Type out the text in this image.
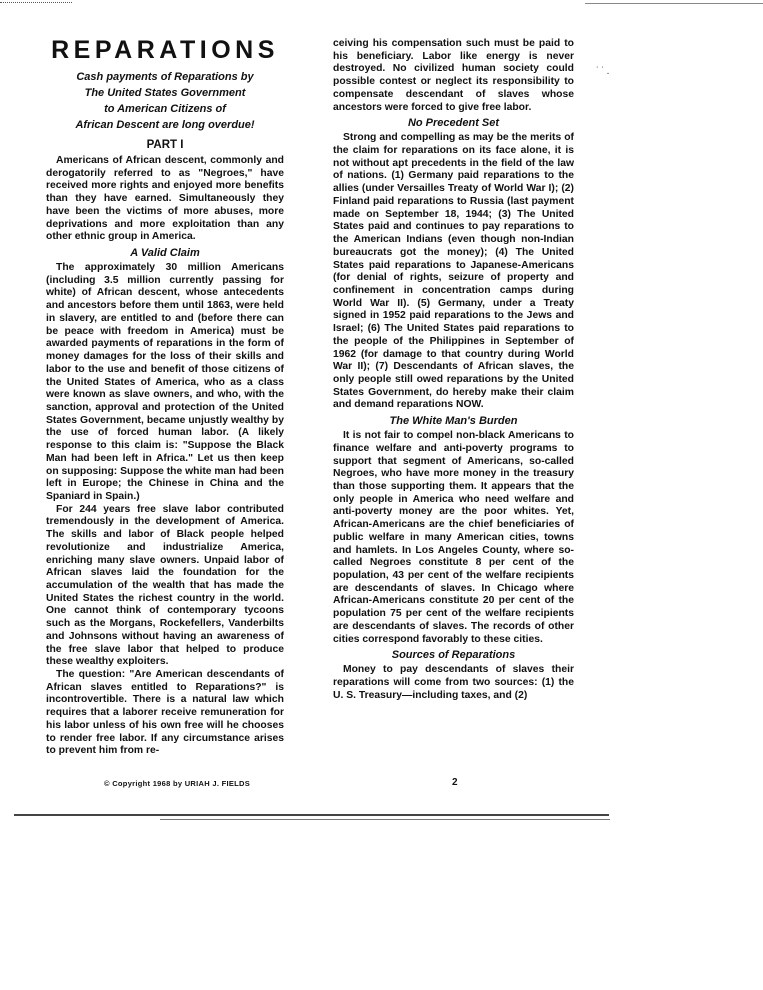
˙˙.
REPARATIONS
Cash payments of Reparations by
The United States Government
to American Citizens of
African Descent are long overdue!
PART I

Americans of African descent, commonly and derogatorily referred to as "Negroes," have received more rights and enjoyed more benefits than they have earned. Simultaneously they have been the victims of more abuses, more deprivations and more exploitation than any other ethnic group in America.

A Valid Claim

The approximately 30 million Americans (including 3.5 million currently passing for white) of African descent, whose antecedents and ancestors before them until 1863, were held in slavery, are entitled to and (before there can be peace with freedom in America) must be awarded payments of reparations in the form of money damages for the loss of their skills and labor to the use and benefit of those citizens of the United States of America, who as a class were known as slave owners, and who, with the sanction, approval and protection of the United States Government, became unjustly wealthy by the use of forced human labor. (A likely response to this claim is: "Suppose the Black Man had been left in Africa." Let us then keep on supposing: Suppose the white man had been left in Europe; the Chinese in China and the Spaniard in Spain.)

For 244 years free slave labor contributed tremendously in the development of America. The skills and labor of Black people helped revolutionize and industrialize America, enriching many slave owners. Unpaid labor of African slaves laid the foundation for the accumulation of the wealth that has made the United States the richest country in the world. One cannot think of contemporary tycoons such as the Morgans, Rockefellers, Vanderbilts and Johnsons without having an awareness of the free slave labor that helped to produce these wealthy exploiters.

The question: "Are American descendants of African slaves entitled to Reparations?" is incontrovertible. There is a natural law which requires that a laborer receive remuneration for his labor unless of his own free will he chooses to render free labor. If any circumstance arises to prevent him from re-

ceiving his compensation such must be paid to his beneficiary. Labor like energy is never destroyed. No civilized human society could possible contest or neglect its responsibility to compensate descendant of slaves whose ancestors were forced to give free labor.

No Precedent Set

Strong and compelling as may be the merits of the claim for reparations on its face alone, it is not without apt precedents in the field of the law of nations. (1) Germany paid reparations to the allies (under Versailles Treaty of World War I); (2) Finland paid reparations to Russia (last payment made on September 18, 1944; (3) The United States paid and continues to pay reparations to the American Indians (even though non-Indian bureaucrats got the money); (4) The United States paid reparations to Japanese-Americans (for denial of rights, seizure of property and confinement in concentration camps during World War II). (5) Germany, under a Treaty signed in 1952 paid reparations to the Jews and Israel; (6) The United States paid reparations to the people of the Philippines in September of 1962 (for damage to that country during World War II); (7) Descendants of African slaves, the only people still owed reparations by the United States Government, do hereby make their claim and demand reparations NOW.

The White Man's Burden

It is not fair to compel non-black Americans to finance welfare and anti-poverty programs to support that segment of Americans, so-called Negroes, who have more money in the treasury than those supporting them. It appears that the only people in America who need welfare and anti-poverty money are the poor whites. Yet, African-Americans are the chief beneficiaries of public welfare in many American cities, towns and hamlets. In Los Angeles County, where so-called Negroes constitute 8 per cent of the population, 43 per cent of the welfare recipients are descendants of slaves. In Chicago where African-Americans constitute 20 per cent of the population 75 per cent of the welfare recipients are descendants of slaves. The records of other cities correspond favorably to these cities.

Sources of Reparations

Money to pay descendants of slaves their reparations will come from two sources: (1) the U. S. Treasury—including taxes, and (2)

© Copyright 1968 by URIAH J. FIELDS	2
